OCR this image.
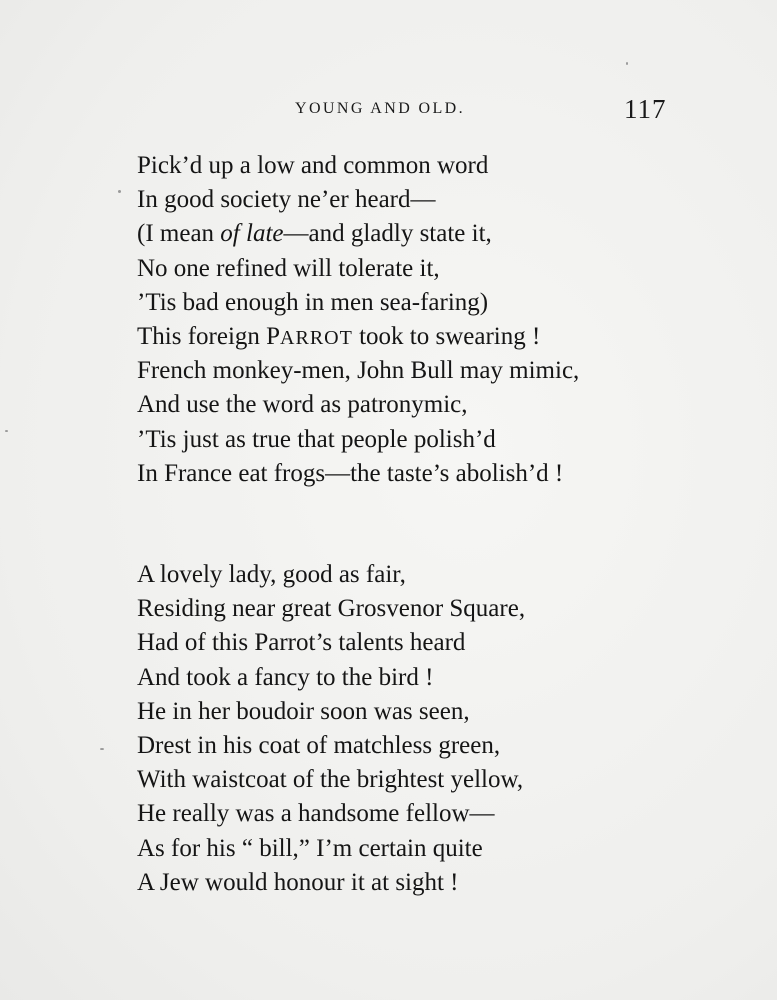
YOUNG AND OLD.	117
Pick’d up a low and common word
In good society ne’er heard—
(I mean of late—and gladly state it,
No one refined will tolerate it,
’Tis bad enough in men sea-faring)
This foreign PARROT took to swearing !
French monkey-men, John Bull may mimic,
And use the word as patronymic,
’Tis just as true that people polish’d
In France eat frogs—the taste’s abolish’d !
A lovely lady, good as fair,
Residing near great Grosvenor Square,
Had of this Parrot’s talents heard
And took a fancy to the bird !
He in her boudoir soon was seen,
Drest in his coat of matchless green,
With waistcoat of the brightest yellow,
He really was a handsome fellow—
As for his “ bill,” I’m certain quite
A Jew would honour it at sight !
